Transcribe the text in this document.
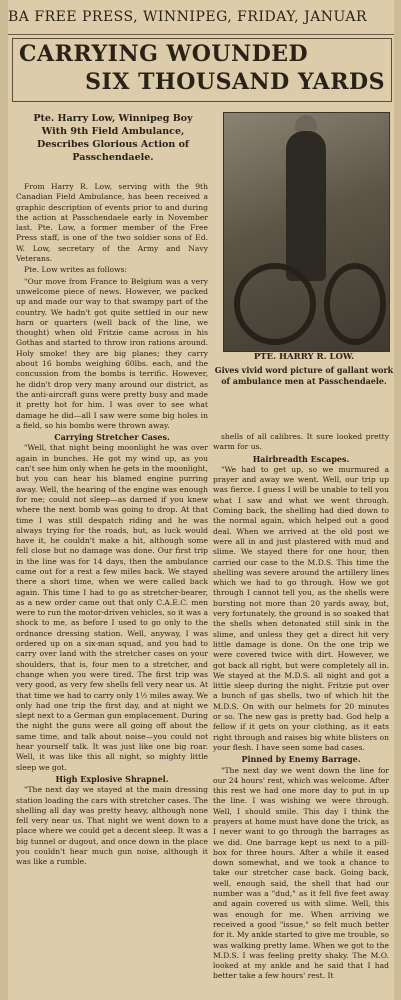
BA FREE PRESS, WINNIPEG, FRIDAY, JANUAR
CARRYING WOUNDED
SIX THOUSAND YARDS
Pte. Harry Low, Winnipeg Boy With 9th Field Ambulance, Describes Glorious Action of Passchendaele.
PTE. HARRY R. LOW.
Gives vivid word picture of gallant work of ambulance men at Passchendaele.

From Harry R. Low, serving with the 9th Canadian Field Ambulance, has been received a graphic description of events prior to and during the action at Passchendaele early in November last. Pte. Low, a former member of the Free Press staff, is one of the two soldier sons of Ed. W. Low, secretary of the Army and Navy Veterans.

Pte. Low writes as follows:

"Our move from France to Belgium was a very unwelcome piece of news. However, we packed up and made our way to that swampy part of the country. We hadn't got quite settled in our new barn or quarters (well back of the line, we thought) when old Fritzie came across in his Gothas and started to throw iron rations around. Holy smoke! they are big planes; they carry about 16 bombs weighing 60lbs. each, and the concussion from the bombs is terrific. However, he didn't drop very many around our district, as the anti-aircraft guns were pretty busy and made it pretty hot for him. I was over to see what damage he did—all I saw were some big holes in a field, so his bombs were thrown away.

Carrying Stretcher Cases.

"Well, that night being moonlight he was over again in bunches. He got my wind up, as you can't see him only when he gets in the moonlight, but you can hear his blamed engine purring away. Well, the hearing of the engine was enough for me; could not sleep—as darned if you knew where the next bomb was going to drop. At that time I was still despatch riding and he was always trying for the roads, but, as luck would have it, he couldn't make a hit, although some fell close but no damage was done. Our first trip in the line was for 14 days, then the ambulance came out for a rest a few miles back. We stayed there a short time, when we were called back again. This time I had to go as stretcher-bearer, as a new order came out that only C.A.E.C. men were to run the motor-driven vehicles, so it was a shock to me, as before I used to go only to the ordnance dressing station. Well, anyway, I was ordered up on a six-man squad, and you had to carry over land with the stretcher cases on your shoulders, that is, four men to a stretcher, and change when you were tired. The first trip was very good, as very few shells fell very near us. At that time we had to carry only 1½ miles away. We only had one trip the first day, and at night we slept next to a German gun emplacement. During the night the guns were all going off about the same time, and talk about noise—you could not hear yourself talk. It was just like one big roar. Well, it was like this all night, so mighty little sleep we got.

High Explosive Shrapnel.

"The next day we stayed at the main dressing station loading the cars with stretcher cases. The shelling all day was pretty heavy, although none fell very near us. That night we went down to a place where we could get a decent sleep. It was a big tunnel or dugout, and once down in the place you couldn't hear much gun noise, although it was like a rumble.

shells of all calibres. It sure looked pretty warm for us.

Hairbreadth Escapes.

"We had to get up, so we murmured a prayer and away we went. Well, our trip up was fierce. I guess I will be unable to tell you what I saw and what we went through. Coming back, the shelling had died down to the normal again, which helped out a good deal. When we arrived at the old post we were all in and just plastered with mud and slime. We stayed there for one hour, then carried our case to the M.D.S. This time the shelling was severe around the artillery lines which we had to go through. How we got through I cannot tell you, as the shells were bursting not more than 20 yards away, but, very fortunately, the ground is so soaked that the shells when detonated still sink in the slime, and unless they get a direct hit very little damage is done. On the one trip we were covered twice with dirt. However, we got back all right, but were completely all in. We stayed at the M.D.S. all night and got a little sleep during the night. Fritzie put over a bunch of gas shells, two of which hit the M.D.S. On with our helmets for 20 minutes or so. The new gas is pretty bad. God help a fellow if it gets on your clothing, as it eats right through and raises big white blisters on your flesh. I have seen some bad cases.

Pinned by Enemy Barrage.

"The next day we went down the line for our 24 hours' rest, which was welcome. After this rest we had one more day to put in up the line. I was wishing we were through. Well, I should smile. This day I think the prayers at home must have done the trick, as I never want to go through the barrages as we did. One barrage kept us next to a pill-box for three hours. After a while it eased down somewhat, and we took a chance to take our stretcher case back. Going back, well, enough said, the shell that had our number was a "dud," as it fell five feet away and again covered us with slime. Well, this was enough for me. When arriving we received a good "issue," so felt much better for it. My ankle started to give me trouble, so was walking pretty lame. When we got to the M.D.S. I was feeling pretty shaky. The M.O. looked at my ankle and he said that I had better take a few hours' rest. It
